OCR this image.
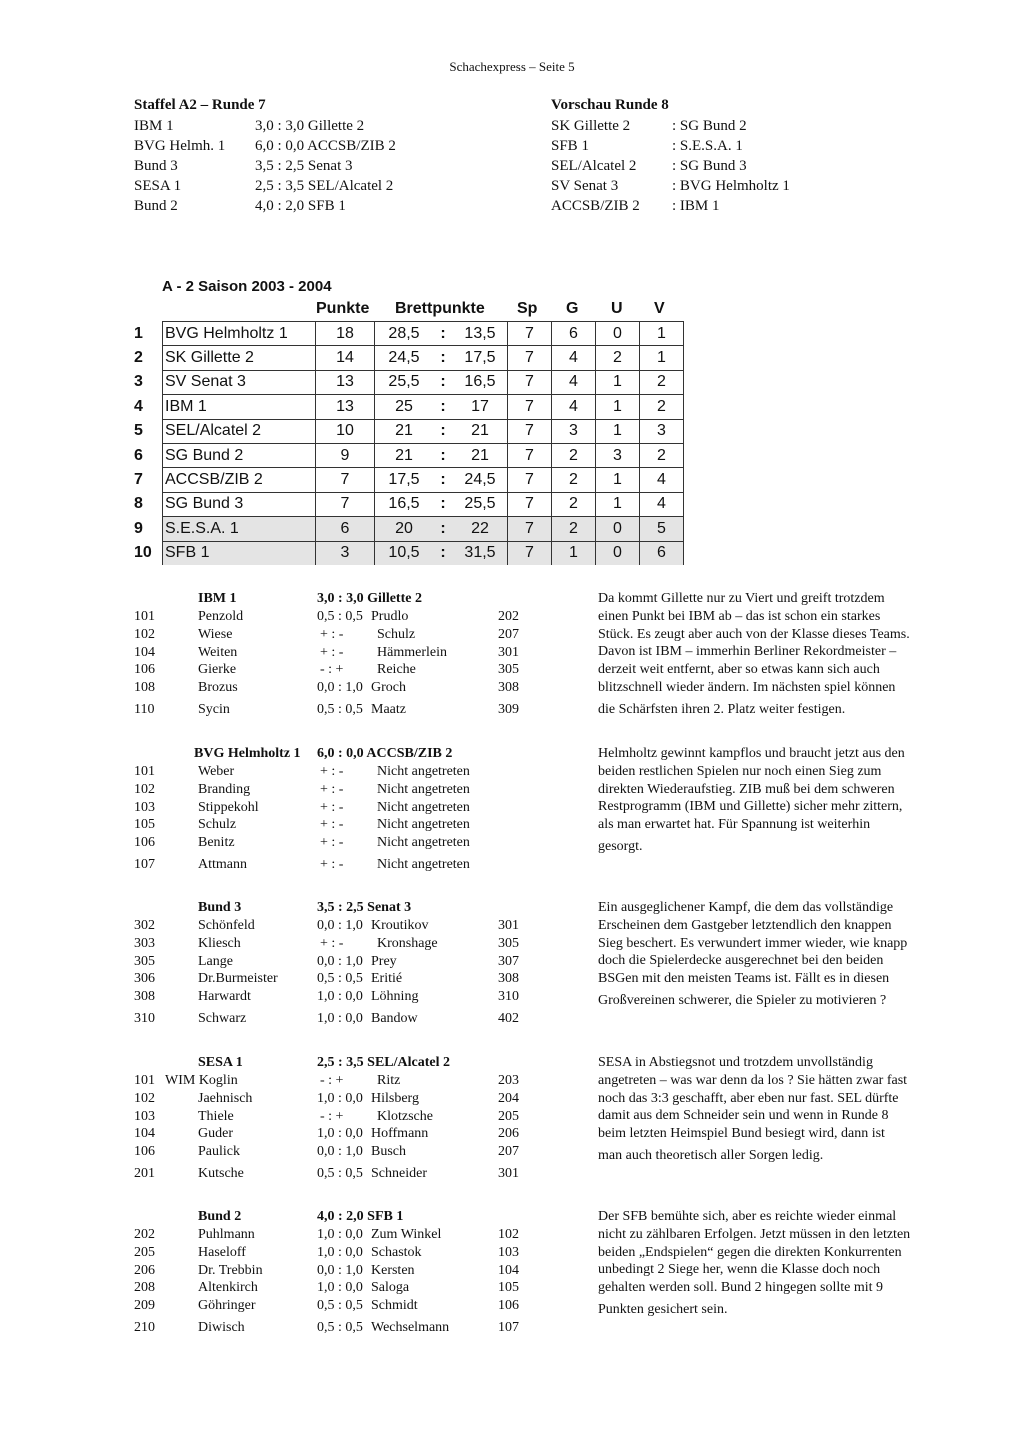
Schachexpress – Seite 5
Staffel A2 – Runde 7
IBM 1	3,0 : 3,0 Gillette 2
BVG Helmh. 1 6,0 : 0,0 ACCSB/ZIB 2
Bund 3	3,5 : 2,5 Senat 3
SESA 1	2,5 : 3,5 SEL/Alcatel 2
Bund 2	4,0 : 2,0 SFB 1
Vorschau Runde 8
SK Gillette 2	: SG Bund 2
SFB 1	: S.E.S.A. 1
SEL/Alcatel 2 : SG Bund 3
SV Senat 3	: BVG Helmholtz 1
ACCSB/ZIB 2 : IBM 1
A - 2 Saison 2003 - 2004
Punkte Brettpunkte Sp G U V
1	BVG Helmholtz 1	18	28,5	:	13,5	7	6	0	1
2	SK Gillette 2	14	24,5	:	17,5	7	4	2	1
3	SV Senat 3	13	25,5	:	16,5	7	4	1	2
4	IBM 1	13	25	:	17	7	4	1	2
5	SEL/Alcatel 2	10	21	:	21	7	3	1	3
6	SG Bund 2	9	21	:	21	7	2	3	2
7	ACCSB/ZIB 2	7	17,5	:	24,5	7	2	1	4
8	SG Bund 3	7	16,5	:	25,5	7	2	1	4
9	S.E.S.A. 1	6	20	:	22	7	2	0	5
10	SFB 1	3	10,5	:	31,5	7	1	0	6
IBM 1	3,0 : 3,0 Gillette 2
101	Penzold	0,5 : 0,5 Prudlo	202
102	Wiese	+ : - Schulz	207
104	Weiten	+ : - Hämmerlein	301
106	Gierke	- : + Reiche	305
108	Brozus	0,0 : 1,0 Groch	308
110	Sycin	0,5 : 0,5 Maatz	309
Da kommt Gillette nur zu Viert und greift trotzdem
einen Punkt bei IBM ab – das ist schon ein starkes
Stück. Es zeugt aber auch von der Klasse dieses Teams.
Davon ist IBM – immerhin Berliner Rekordmeister –
derzeit weit entfernt, aber so etwas kann sich auch
blitzschnell wieder ändern. Im nächsten spiel können
die Schärfsten ihren 2. Platz weiter festigen.
BVG Helmholtz 1 6,0 : 0,0 ACCSB/ZIB 2
101	Weber	+ : - Nicht angetreten
102	Branding	+ : - Nicht angetreten
103	Stippekohl	+ : - Nicht angetreten
105	Schulz	+ : - Nicht angetreten
106	Benitz	+ : - Nicht angetreten
107	Attmann	+ : - Nicht angetreten
Helmholtz gewinnt kampflos und braucht jetzt aus den
beiden restlichen Spielen nur noch einen Sieg zum
direkten Wiederaufstieg. ZIB muß bei dem schweren
Restprogramm (IBM und Gillette) sicher mehr zittern,
als man erwartet hat. Für Spannung ist weiterhin
gesorgt.
Bund 3	3,5 : 2,5 Senat 3
302	Schönfeld	0,0 : 1,0 Kroutikov	301
303	Kliesch	+ : - Kronshage	305
305	Lange	0,0 : 1,0 Prey	307
306	Dr.Burmeister	0,5 : 0,5 Eritié	308
308	Harwardt	1,0 : 0,0 Löhning	310
310	Schwarz	1,0 : 0,0 Bandow	402
Ein ausgeglichener Kampf, die dem das vollständige
Erscheinen dem Gastgeber letztendlich den knappen
Sieg beschert. Es verwundert immer wieder, wie knapp
doch die Spielerdecke ausgerechnet bei den beiden
BSGen mit den meisten Teams ist. Fällt es in diesen
Großvereinen schwerer, die Spieler zu motivieren ?
SESA 1	2,5 : 3,5 SEL/Alcatel 2
101 WIM Koglin	- : + Ritz	203
102	Jaehnisch	1,0 : 0,0 Hilsberg	204
103	Thiele	- : + Klotzsche	205
104	Guder	1,0 : 0,0 Hoffmann	206
106	Paulick	0,0 : 1,0 Busch	207
201	Kutsche	0,5 : 0,5 Schneider	301
SESA in Abstiegsnot und trotzdem unvollständig
angetreten – was war denn da los ? Sie hätten zwar fast
noch das 3:3 geschafft, aber eben nur fast. SEL dürfte
damit aus dem Schneider sein und wenn in Runde 8
beim letzten Heimspiel Bund besiegt wird, dann ist
man auch theoretisch aller Sorgen ledig.
Bund 2	4,0 : 2,0 SFB 1
202	Puhlmann	1,0 : 0,0 Zum Winkel	102
205	Haseloff	1,0 : 0,0 Schastok	103
206	Dr. Trebbin	0,0 : 1,0 Kersten	104
208	Altenkirch	1,0 : 0,0 Saloga	105
209	Göhringer	0,5 : 0,5 Schmidt	106
210	Diwisch	0,5 : 0,5 Wechselmann	107
Der SFB bemühte sich, aber es reichte wieder einmal
nicht zu zählbaren Erfolgen. Jetzt müssen in den letzten
beiden „Endspielen“ gegen die direkten Konkurrenten
unbedingt 2 Siege her, wenn die Klasse doch noch
gehalten werden soll. Bund 2 hingegen sollte mit 9
Punkten gesichert sein.
